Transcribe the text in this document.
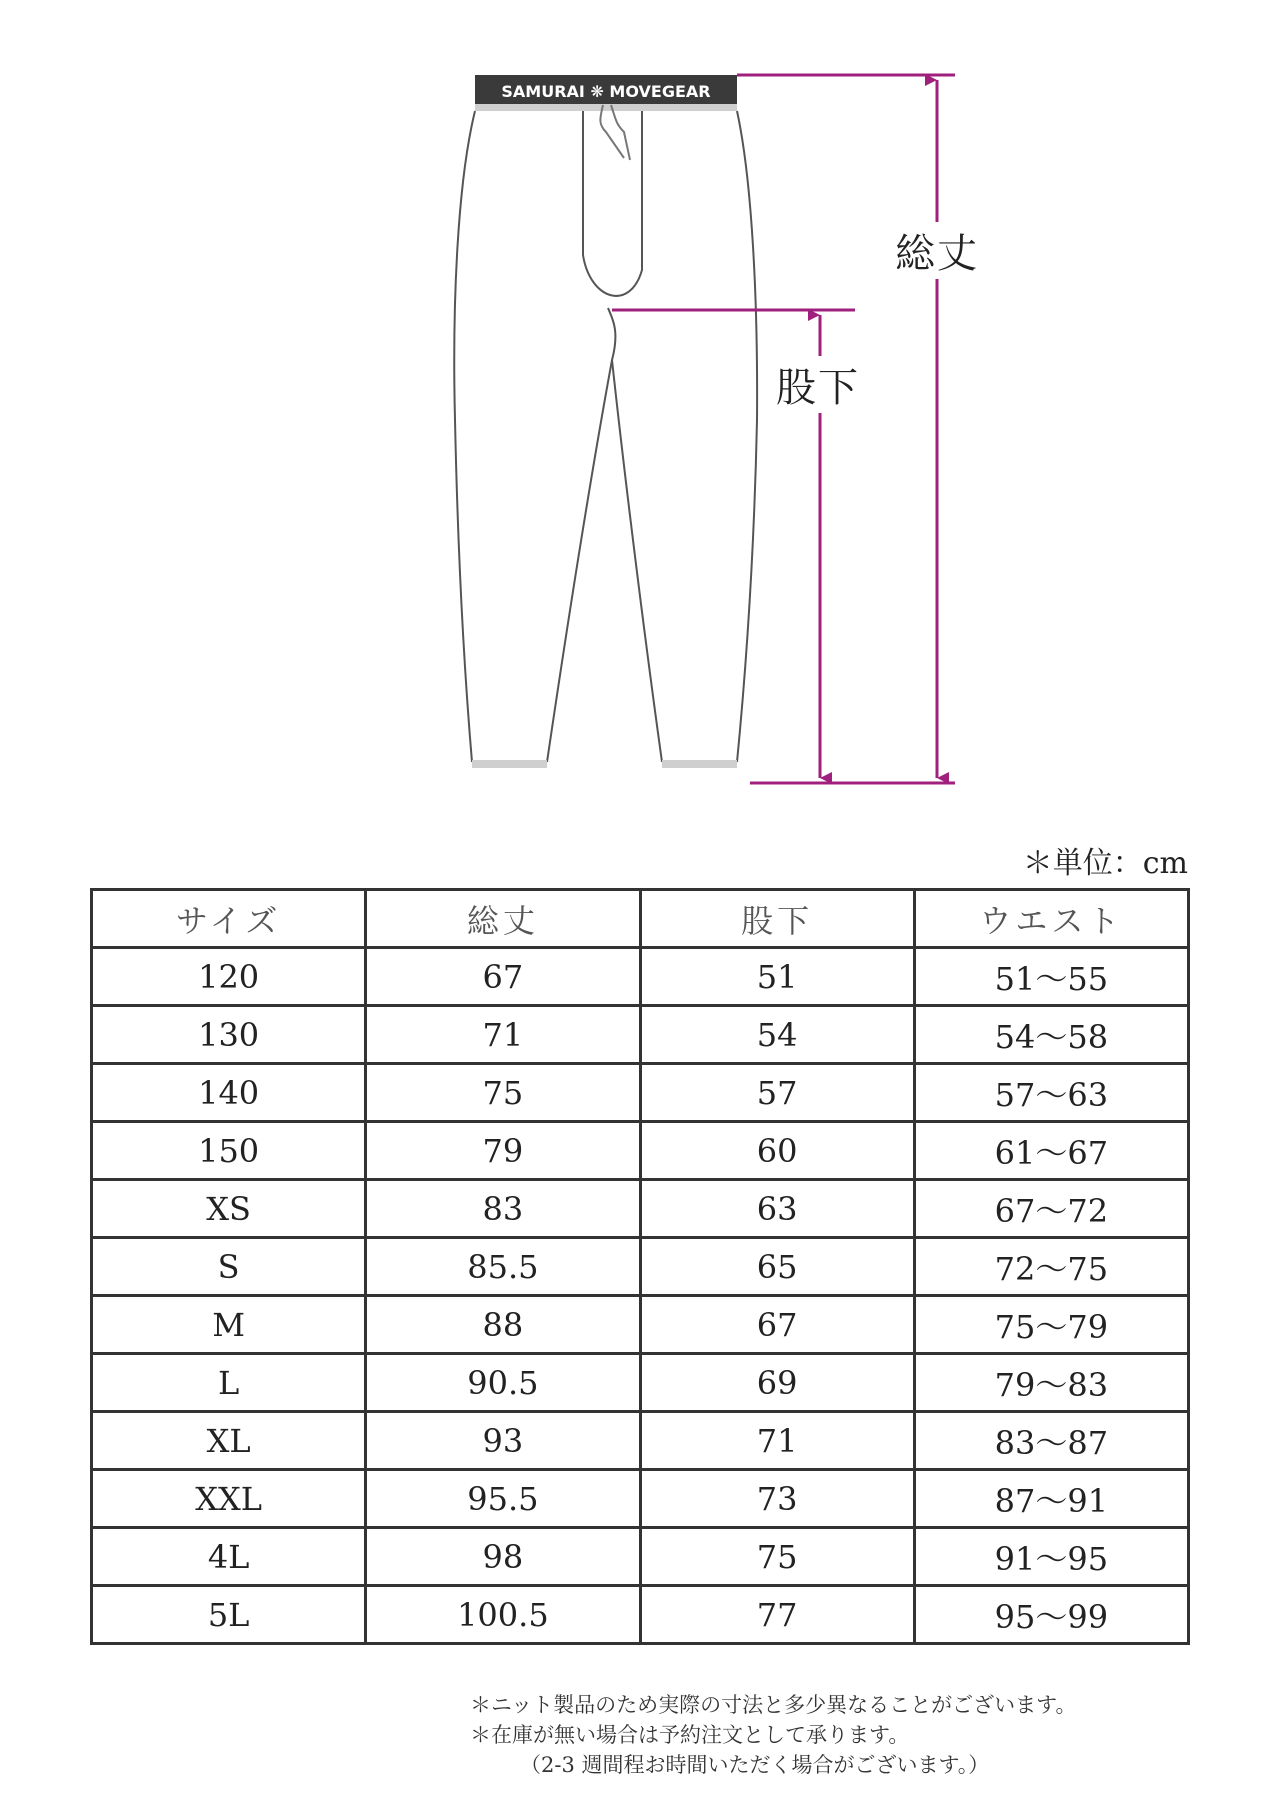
SAMURAI ❋ MOVEGEAR
総丈
股下
＊単位：cm
サイズ	総丈	股下	ウエスト
120	67	51	51〜55
130	71	54	54〜58
140	75	57	57〜63
150	79	60	61〜67
XS	83	63	67〜72
S	85.5	65	72〜75
M	88	67	75〜79
L	90.5	69	79〜83
XL	93	71	83〜87
XXL	95.5	73	87〜91
4L	98	75	91〜95
5L	100.5	77	95〜99
＊ニット製品のため実際の寸法と多少異なることがございます。
＊在庫が無い場合は予約注文として承ります。
（2-3 週間程お時間いただく場合がございます。）
